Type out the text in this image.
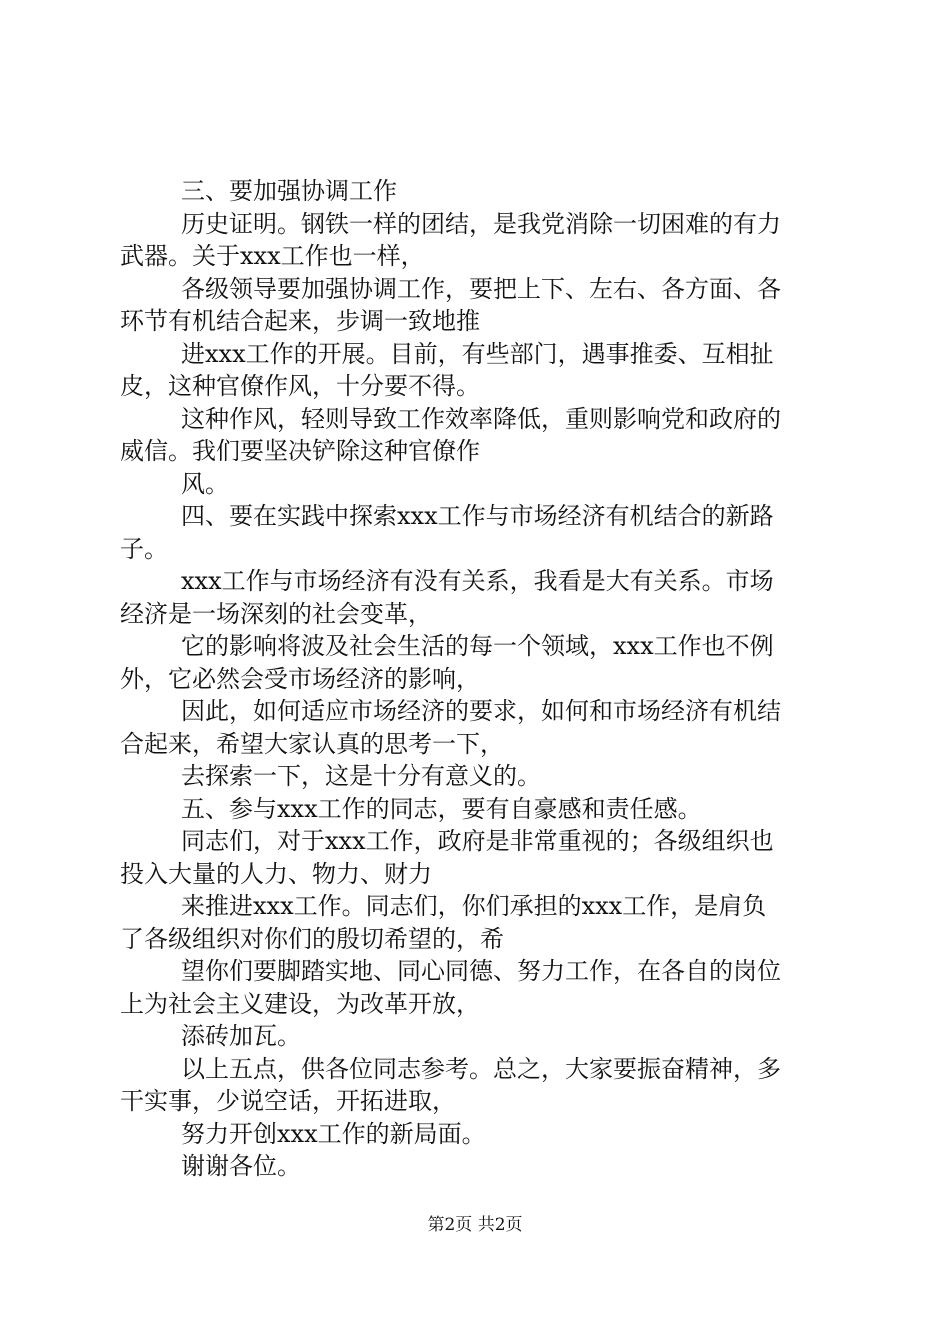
三、要加强协调工作
历史证明。钢铁一样的团结，是我党消除一切困难的有力
武器。关于xxx工作也一样，
各级领导要加强协调工作，要把上下、左右、各方面、各
环节有机结合起来，步调一致地推
进xxx工作的开展。目前，有些部门，遇事推委、互相扯
皮，这种官僚作风，十分要不得。
这种作风，轻则导致工作效率降低，重则影响党和政府的
威信。我们要坚决铲除这种官僚作
风。
四、要在实践中探索xxx工作与市场经济有机结合的新路
子。
xxx工作与市场经济有没有关系，我看是大有关系。市场
经济是一场深刻的社会变革，
它的影响将波及社会生活的每一个领域，xxx工作也不例
外，它必然会受市场经济的影响，
因此，如何适应市场经济的要求，如何和市场经济有机结
合起来，希望大家认真的思考一下，
去探索一下，这是十分有意义的。
五、参与xxx工作的同志，要有自豪感和责任感。
同志们，对于xxx工作，政府是非常重视的；各级组织也
投入大量的人力、物力、财力
来推进xxx工作。同志们，你们承担的xxx工作，是肩负
了各级组织对你们的殷切希望的，希
望你们要脚踏实地、同心同德、努力工作，在各自的岗位
上为社会主义建设，为改革开放，
添砖加瓦。
以上五点，供各位同志参考。总之，大家要振奋精神，多
干实事，少说空话，开拓进取，
努力开创xxx工作的新局面。
谢谢各位。
第2页 共2页
